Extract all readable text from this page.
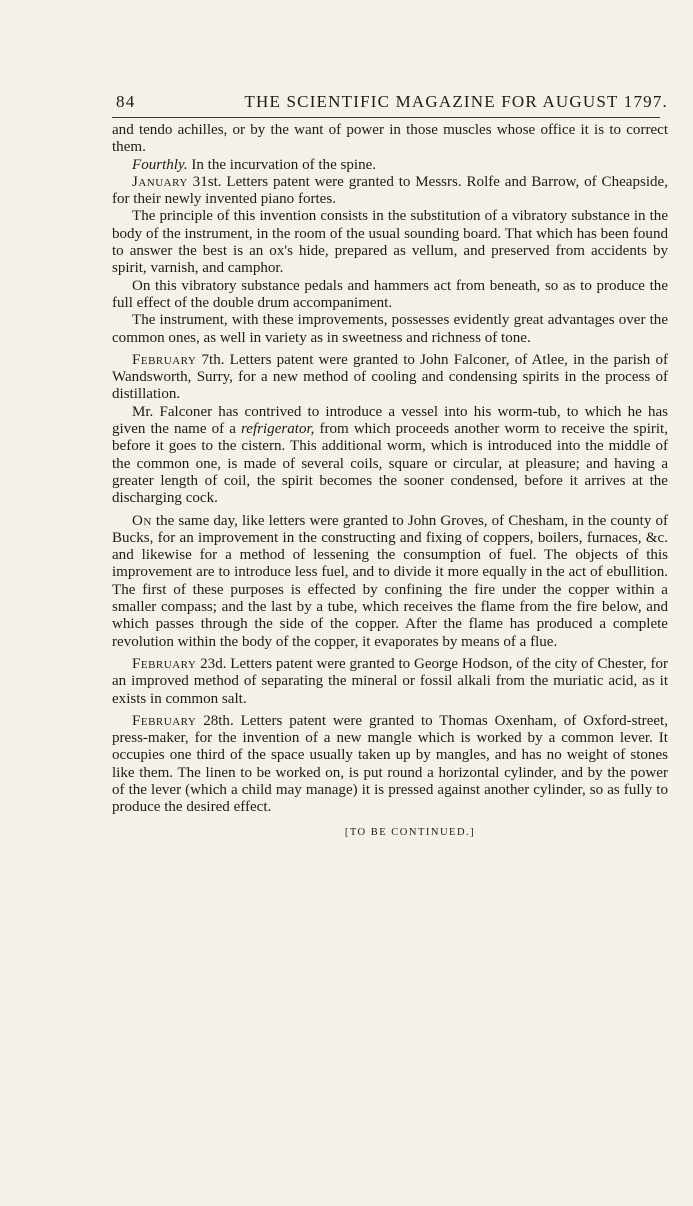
84	THE SCIENTIFIC MAGAZINE FOR AUGUST 1797.

and tendo achilles, or by the want of power in those muscles whose office it is to correct them.

Fourthly. In the incurvation of the spine.

January 31st. Letters patent were granted to Messrs. Rolfe and Barrow, of Cheapside, for their newly invented piano fortes.

The principle of this invention consists in the substitution of a vibratory substance in the body of the instrument, in the room of the usual sounding board. That which has been found to answer the best is an ox's hide, prepared as vellum, and preserved from accidents by spirit, varnish, and camphor.

On this vibratory substance pedals and hammers act from beneath, so as to produce the full effect of the double drum accompaniment.

The instrument, with these improvements, possesses evidently great advantages over the common ones, as well in variety as in sweetness and richness of tone.

February 7th. Letters patent were granted to John Falconer, of Atlee, in the parish of Wandsworth, Surry, for a new method of cooling and condensing spirits in the process of distillation.

Mr. Falconer has contrived to introduce a vessel into his worm-tub, to which he has given the name of a refrigerator, from which proceeds another worm to receive the spirit, before it goes to the cistern. This additional worm, which is introduced into the middle of the common one, is made of several coils, square or circular, at pleasure; and having a greater length of coil, the spirit becomes the sooner condensed, before it arrives at the discharging cock.

On the same day, like letters were granted to John Groves, of Chesham, in the county of Bucks, for an improvement in the constructing and fixing of coppers, boilers, furnaces, &c. and likewise for a method of lessening the consumption of fuel. The objects of this improvement are to introduce less fuel, and to divide it more equally in the act of ebullition. The first of these purposes is effected by confining the fire under the copper within a smaller compass; and the last by a tube, which receives the flame from the fire below, and which passes through the side of the copper. After the flame has produced a complete revolution within the body of the copper, it evaporates by means of a flue.

February 23d. Letters patent were granted to George Hodson, of the city of Chester, for an improved method of separating the mineral or fossil alkali from the muriatic acid, as it exists in common salt.

February 28th. Letters patent were granted to Thomas Oxenham, of Oxford-street, press-maker, for the invention of a new mangle which is worked by a common lever. It occupies one third of the space usually taken up by mangles, and has no weight of stones like them. The linen to be worked on, is put round a horizontal cylinder, and by the power of the lever (which a child may manage) it is pressed against another cylinder, so as fully to produce the desired effect.

[TO BE CONTINUED.]
